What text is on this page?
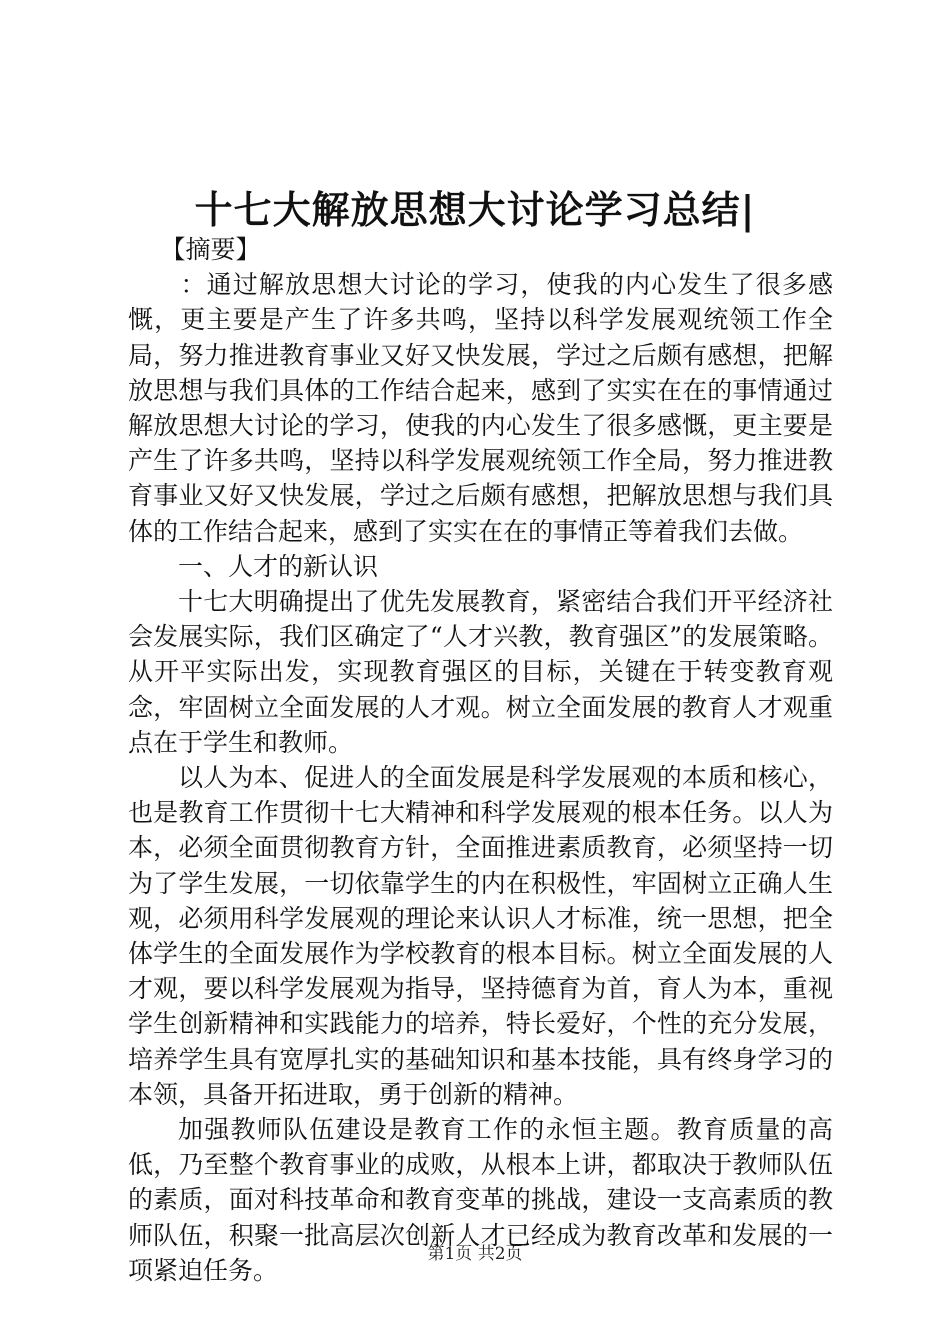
十七大解放思想大讨论学习总结|

【摘要】

：通过解放思想大讨论的学习，使我的内心发生了很多感慨，更主要是产生了许多共鸣，坚持以科学发展观统领工作全局，努力推进教育事业又好又快发展，学过之后颇有感想，把解放思想与我们具体的工作结合起来，感到了实实在在的事情通过解放思想大讨论的学习，使我的内心发生了很多感慨，更主要是产生了许多共鸣，坚持以科学发展观统领工作全局，努力推进教育事业又好又快发展，学过之后颇有感想，把解放思想与我们具体的工作结合起来，感到了实实在在的事情正等着我们去做。

一、人才的新认识

十七大明确提出了优先发展教育，紧密结合我们开平经济社会发展实际，我们区确定了“人才兴教，教育强区”的发展策略。从开平实际出发，实现教育强区的目标，关键在于转变教育观念，牢固树立全面发展的人才观。树立全面发展的教育人才观重点在于学生和教师。

以人为本、促进人的全面发展是科学发展观的本质和核心，也是教育工作贯彻十七大精神和科学发展观的根本任务。以人为本，必须全面贯彻教育方针，全面推进素质教育，必须坚持一切为了学生发展，一切依靠学生的内在积极性，牢固树立正确人生观，必须用科学发展观的理论来认识人才标准，统一思想，把全体学生的全面发展作为学校教育的根本目标。树立全面发展的人才观，要以科学发展观为指导，坚持德育为首，育人为本，重视学生创新精神和实践能力的培养，特长爱好，个性的充分发展，培养学生具有宽厚扎实的基础知识和基本技能，具有终身学习的本领，具备开拓进取，勇于创新的精神。

加强教师队伍建设是教育工作的永恒主题。教育质量的高低，乃至整个教育事业的成败，从根本上讲，都取决于教师队伍的素质，面对科技革命和教育变革的挑战，建设一支高素质的教师队伍，积聚一批高层次创新人才已经成为教育改革和发展的一项紧迫任务。

第1页 共2页
